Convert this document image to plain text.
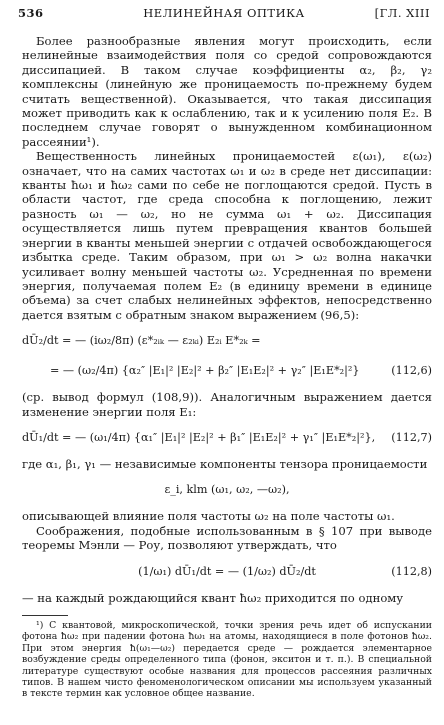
536	НЕЛИНЕЙНАЯ ОПТИКА	[ГЛ. XIII

Более разнообразные явления могут происходить, если нелинейные взаимодействия поля со средой сопровождаются диссипацией. В таком случае коэффициенты α₂, β₂, γ₂ комплексны (линейную же проницаемость по-прежнему будем считать вещественной). Оказывается, что такая диссипация может приводить как к ослаблению, так и к усилению поля E₂. В последнем случае говорят о вынужденном комбинационном рассеянии¹).

Вещественность линейных проницаемостей ε(ω₁), ε(ω₂) означает, что на самих частотах ω₁ и ω₂ в среде нет диссипации: кванты ħω₁ и ħω₂ сами по себе не поглощаются средой. Пусть в области частот, где среда способна к поглощению, лежит разность ω₁ — ω₂, но не сумма ω₁ + ω₂. Диссипация осуществляется лишь путем превращения квантов большей энергии в кванты меньшей энергии с отдачей освобождающегося избытка среде. Таким образом, при ω₁ > ω₂ волна накачки усиливает волну меньшей частоты ω₂. Усредненная по времени энергия, получаемая полем E₂ (в единицу времени в единице объема) за счет слабых нелинейных эффектов, непосредственно дается взятым с обратным знаком выражением (96,5):

dŪ₂/dt = — (iω₂/8π) (ε*₂ᵢₖ — ε₂ₖᵢ) E₂ᵢ E*₂ₖ =
= — (ω₂/4π) {α₂″ |E₁|² |E₂|² + β₂″ |E₁E₂|² + γ₂″ |E₁E*₂|²}	(112,6)

(ср. вывод формул (108,9)). Аналогичным выражением дается изменение энергии поля E₁:

dŪ₁/dt = — (ω₁/4π) {α₁″ |E₁|² |E₂|² + β₁″ |E₁E₂|² + γ₁″ |E₁E*₂|²}, (112,7)

где α₁, β₁, γ₁ — независимые компоненты тензора проницаемости

ε_i, klm (ω₁, ω₂, —ω₂),

описывающей влияние поля частоты ω₂ на поле частоты ω₁.

Соображения, подобные использованным в § 107 при выводе теоремы Мэнли — Роу, позволяют утверждать, что

(1/ω₁) dŪ₁/dt = — (1/ω₂) dŪ₂/dt	(112,8)

— на каждый рождающийся квант ħω₂ приходится по одному

¹) С квантовой, микроскопической, точки зрения речь идет об испускании фотона ħω₂ при падении фотона ħω₁ на атомы, находящиеся в поле фотонов ħω₂. При этом энергия ħ(ω₁—ω₂) передается среде — рождается элементарное возбуждение среды определенного типа (фонон, экситон и т. п.). В специальной литературе существуют особые названия для процессов рассеяния различных типов. В нашем чисто феноменологическом описании мы используем указанный в тексте термин как условное общее название.
